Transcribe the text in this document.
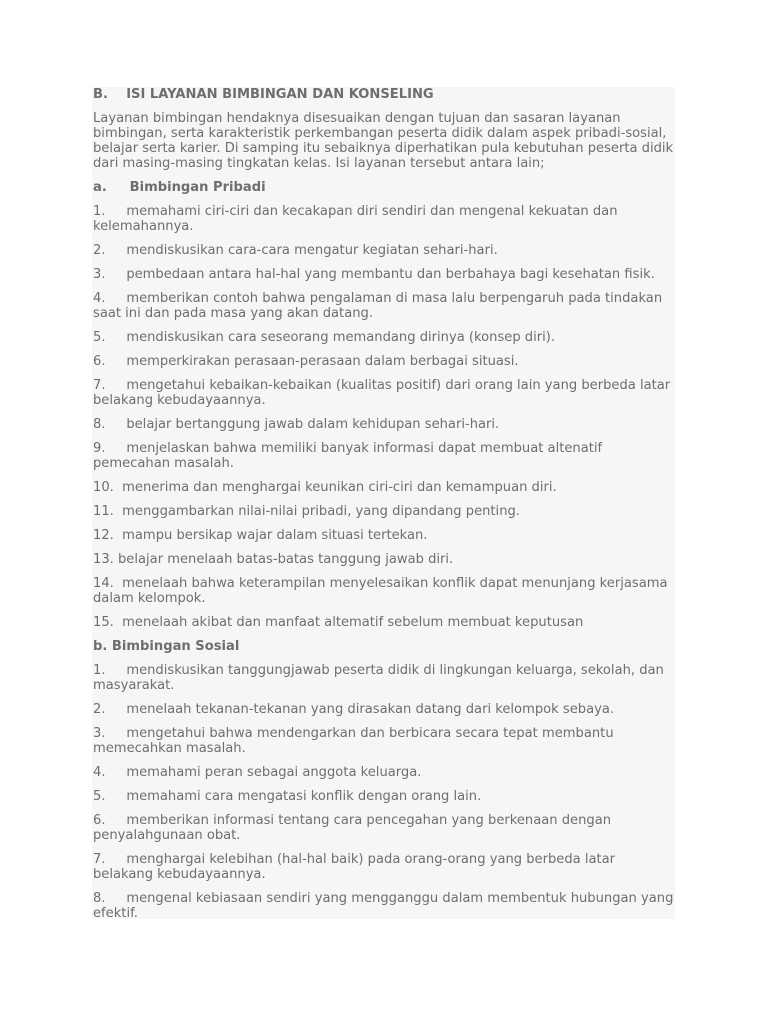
B.    ISI LAYANAN BIMBINGAN DAN KONSELING
Layanan bimbingan hendaknya disesuaikan dengan tujuan dan sasaran layanan bimbingan, serta karakteristik perkembangan peserta didik dalam aspek pribadi-sosial, belajar serta karier. Di samping itu sebaiknya diperhatikan pula kebutuhan peserta didik dari masing-masing tingkatan kelas. Isi layanan tersebut antara lain;
a.     Bimbingan Pribadi
1.     memahami ciri-ciri dan kecakapan diri sendiri dan mengenal kekuatan dan kelemahannya.
2.     mendiskusikan cara-cara mengatur kegiatan sehari-hari.
3.     pembedaan antara hal-hal yang membantu dan berbahaya bagi kesehatan fisik.
4.     memberikan contoh bahwa pengalaman di masa lalu berpengaruh pada tindakan saat ini dan pada masa yang akan datang.
5.     mendiskusikan cara seseorang memandang dirinya (konsep diri).
6.     memperkirakan perasaan-perasaan dalam berbagai situasi.
7.     mengetahui kebaikan-kebaikan (kualitas positif) dari orang lain yang berbeda latar belakang kebudayaannya.
8.     belajar bertanggung jawab dalam kehidupan sehari-hari.
9.     menjelaskan bahwa memiliki banyak informasi dapat membuat altenatif pemecahan masalah.
10.  menerima dan menghargai keunikan ciri-ciri dan kemampuan diri.
11.  menggambarkan nilai-nilai pribadi, yang dipandang penting.
12.  mampu bersikap wajar dalam situasi tertekan.
13. belajar menelaah batas-batas tanggung jawab diri.
14.  menelaah bahwa keterampilan menyelesaikan konflik dapat menunjang kerjasama dalam kelompok.
15.  menelaah akibat dan manfaat altematif sebelum membuat keputusan
b. Bimbingan Sosial
1.     mendiskusikan tanggungjawab peserta didik di lingkungan keluarga, sekolah, dan masyarakat.
2.     menelaah tekanan-tekanan yang dirasakan datang dari kelompok sebaya.
3.     mengetahui bahwa mendengarkan dan berbicara secara tepat membantu memecahkan masalah.
4.     memahami peran sebagai anggota keluarga.
5.     memahami cara mengatasi konflik dengan orang lain.
6.     memberikan informasi tentang cara pencegahan yang berkenaan dengan penyalahgunaan obat.
7.     menghargai kelebihan (hal-hal baik) pada orang-orang yang berbeda latar belakang kebudayaannya.
8.     mengenal kebiasaan sendiri yang mengganggu dalam membentuk hubungan yang efektif.
